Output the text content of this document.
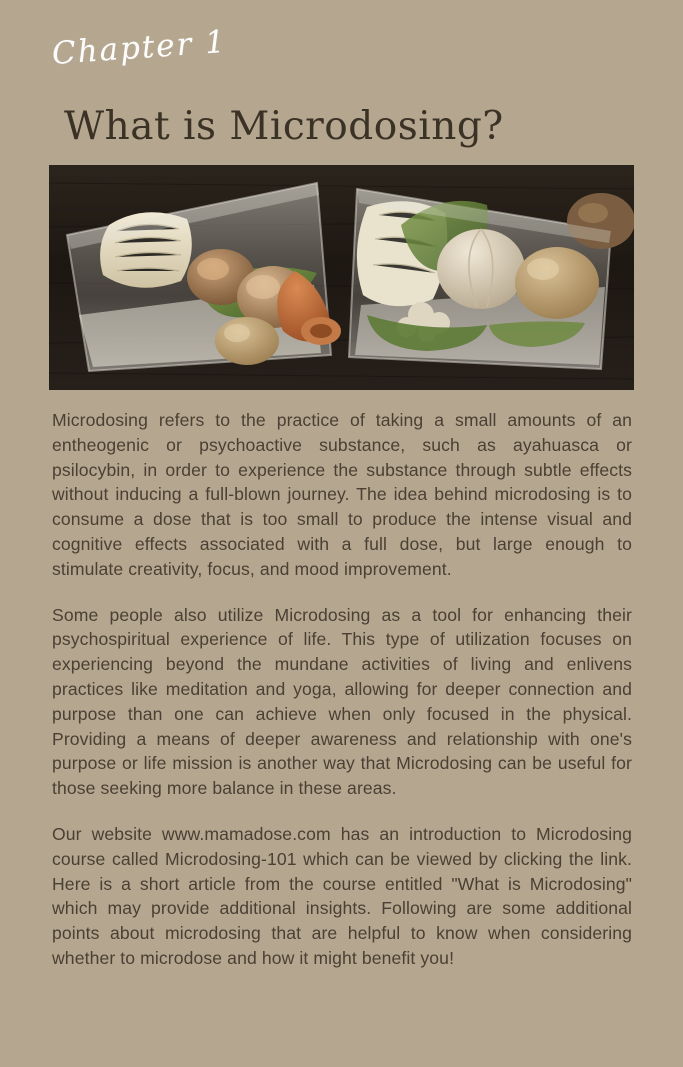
Chapter 1
What is Microdosing?

Microdosing refers to the practice of taking a small amounts of an entheogenic or psychoactive substance, such as ayahuasca or psilocybin, in order to experience the substance through subtle effects without inducing a full-blown journey. The idea behind microdosing is to consume a dose that is too small to produce the intense visual and cognitive effects associated with a full dose, but large enough to stimulate creativity, focus, and mood improvement.

Some people also utilize Microdosing as a tool for enhancing their psychospiritual experience of life. This type of utilization focuses on experiencing beyond the mundane activities of living and enlivens practices like meditation and yoga, allowing for deeper connection and purpose than one can achieve when only focused in the physical. Providing a means of deeper awareness and relationship with one's purpose or life mission is another way that Microdosing can be useful for those seeking more balance in these areas.

Our website www.mamadose.com has an introduction to Microdosing course called Microdosing-101 which can be viewed by clicking the link. Here is a short article from the course entitled "What is Microdosing" which may provide additional insights. Following are some additional points about microdosing that are helpful to know when considering whether to microdose and how it might benefit you!
